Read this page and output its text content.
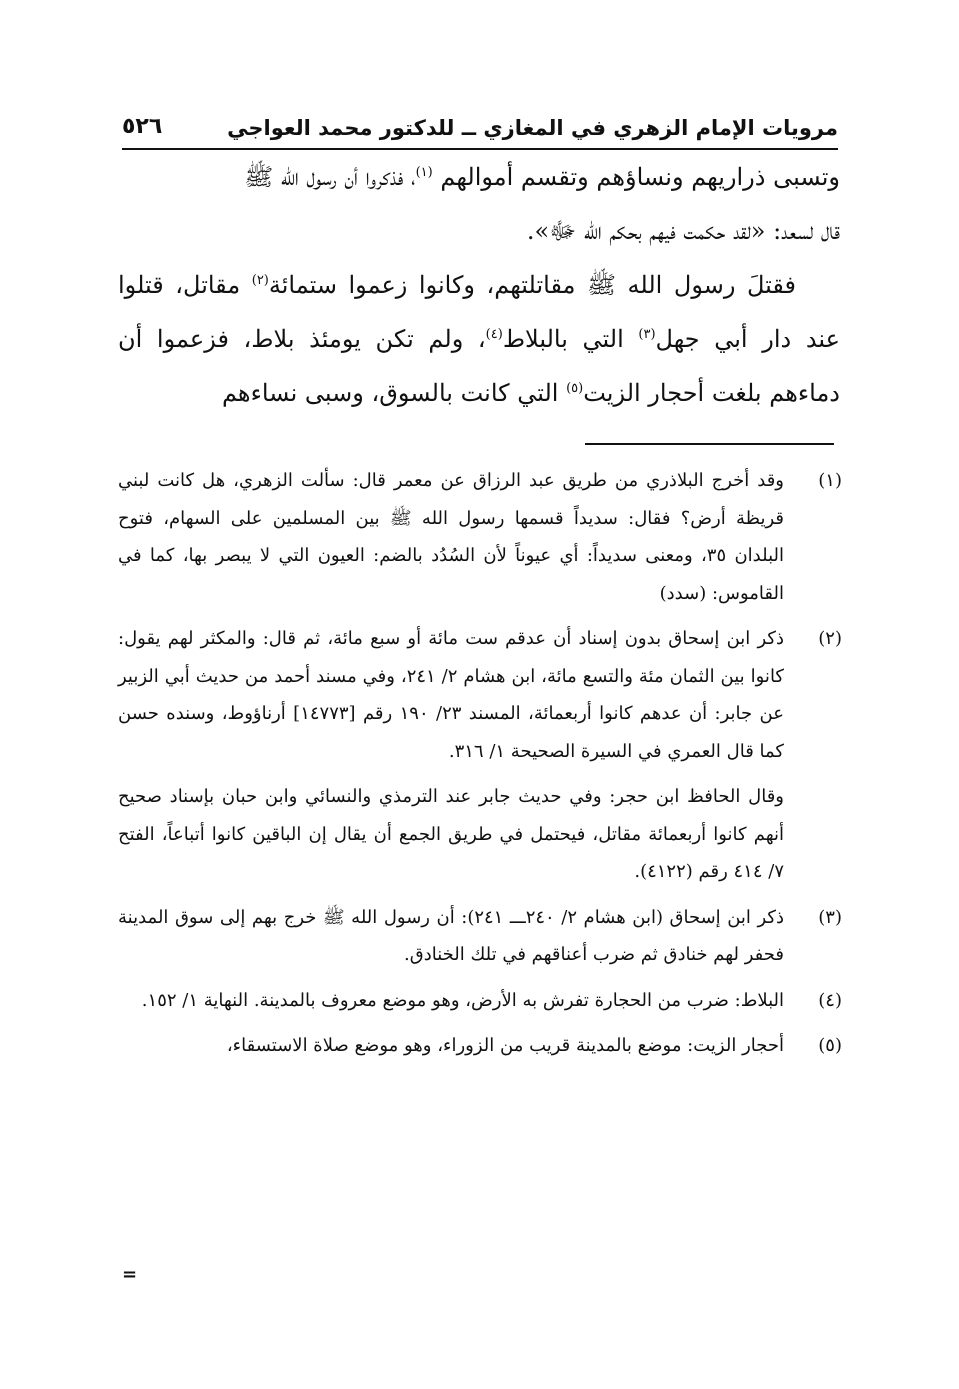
مرويات الإمام الزهري في المغازي ــ للدكتور محمد العواجي
٥٢٦

وتسبى ذراريهم ونساؤهم وتقسم أموالهم $^{(١)}$، فذكروا أن رسول الله ﷺ
قال لسعد: «لقد حكمت فيهم بحكم الله ﷻ».

فقتلَ رسول الله ﷺ مقاتلتهم، وكانوا زعموا ستمائة$^{(٢)}$ مقاتل، قتلوا عند دار أبي جهل$^{(٣)}$ التي بالبلاط$^{(٤)}$، ولم تكن يومئذ بلاط، فزعموا أن دماءهم بلغت أحجار الزيت$^{(٥)}$ التي كانت بالسوق، وسبى نساءهم

(١)

وقد أخرج البلاذري من طريق عبد الرزاق عن معمر قال: سألت الزهري، هل كانت لبني قريظة أرض؟ فقال: سديداً قسمها رسول الله ﷺ بين المسلمين على السهام، فتوح البلدان ٣٥، ومعنى سديداً: أي عيوناً لأن السُدُد بالضم: العيون التي لا يبصر بها، كما في القاموس: (سدد)

(٢)

ذكر ابن إسحاق بدون إسناد أن عدقم ست مائة أو سبع مائة، ثم قال: والمكثر لهم يقول: كانوا بين الثمان مئة والتسع مائة، ابن هشام ٢/ ٢٤١، وفي مسند أحمد من حديث أبي الزبير عن جابر: أن عدهم كانوا أربعمائة، المسند ٢٣/ ١٩٠ رقم [١٤٧٧٣] أرناؤوط، وسنده حسن كما قال العمري في السيرة الصحيحة ١/ ٣١٦.

وقال الحافظ ابن حجر: وفي حديث جابر عند الترمذي والنسائي وابن حبان بإسناد صحيح أنهم كانوا أربعمائة مقاتل، فيحتمل في طريق الجمع أن يقال إن الباقين كانوا أتباعاً، الفتح ٧/ ٤١٤ رقم (٤١٢٢).

(٣)

ذكر ابن إسحاق (ابن هشام ٢/ ٢٤٠ـــ ٢٤١): أن رسول الله ﷺ خرج بهم إلى سوق المدينة فحفر لهم خنادق ثم ضرب أعناقهم في تلك الخنادق.

(٤)

البلاط: ضرب من الحجارة تفرش به الأرض، وهو موضع معروف بالمدينة. النهاية ١/ ١٥٢.

(٥)

أحجار الزيت: موضع بالمدينة قريب من الزوراء، وهو موضع صلاة الاستسقاء،

=
